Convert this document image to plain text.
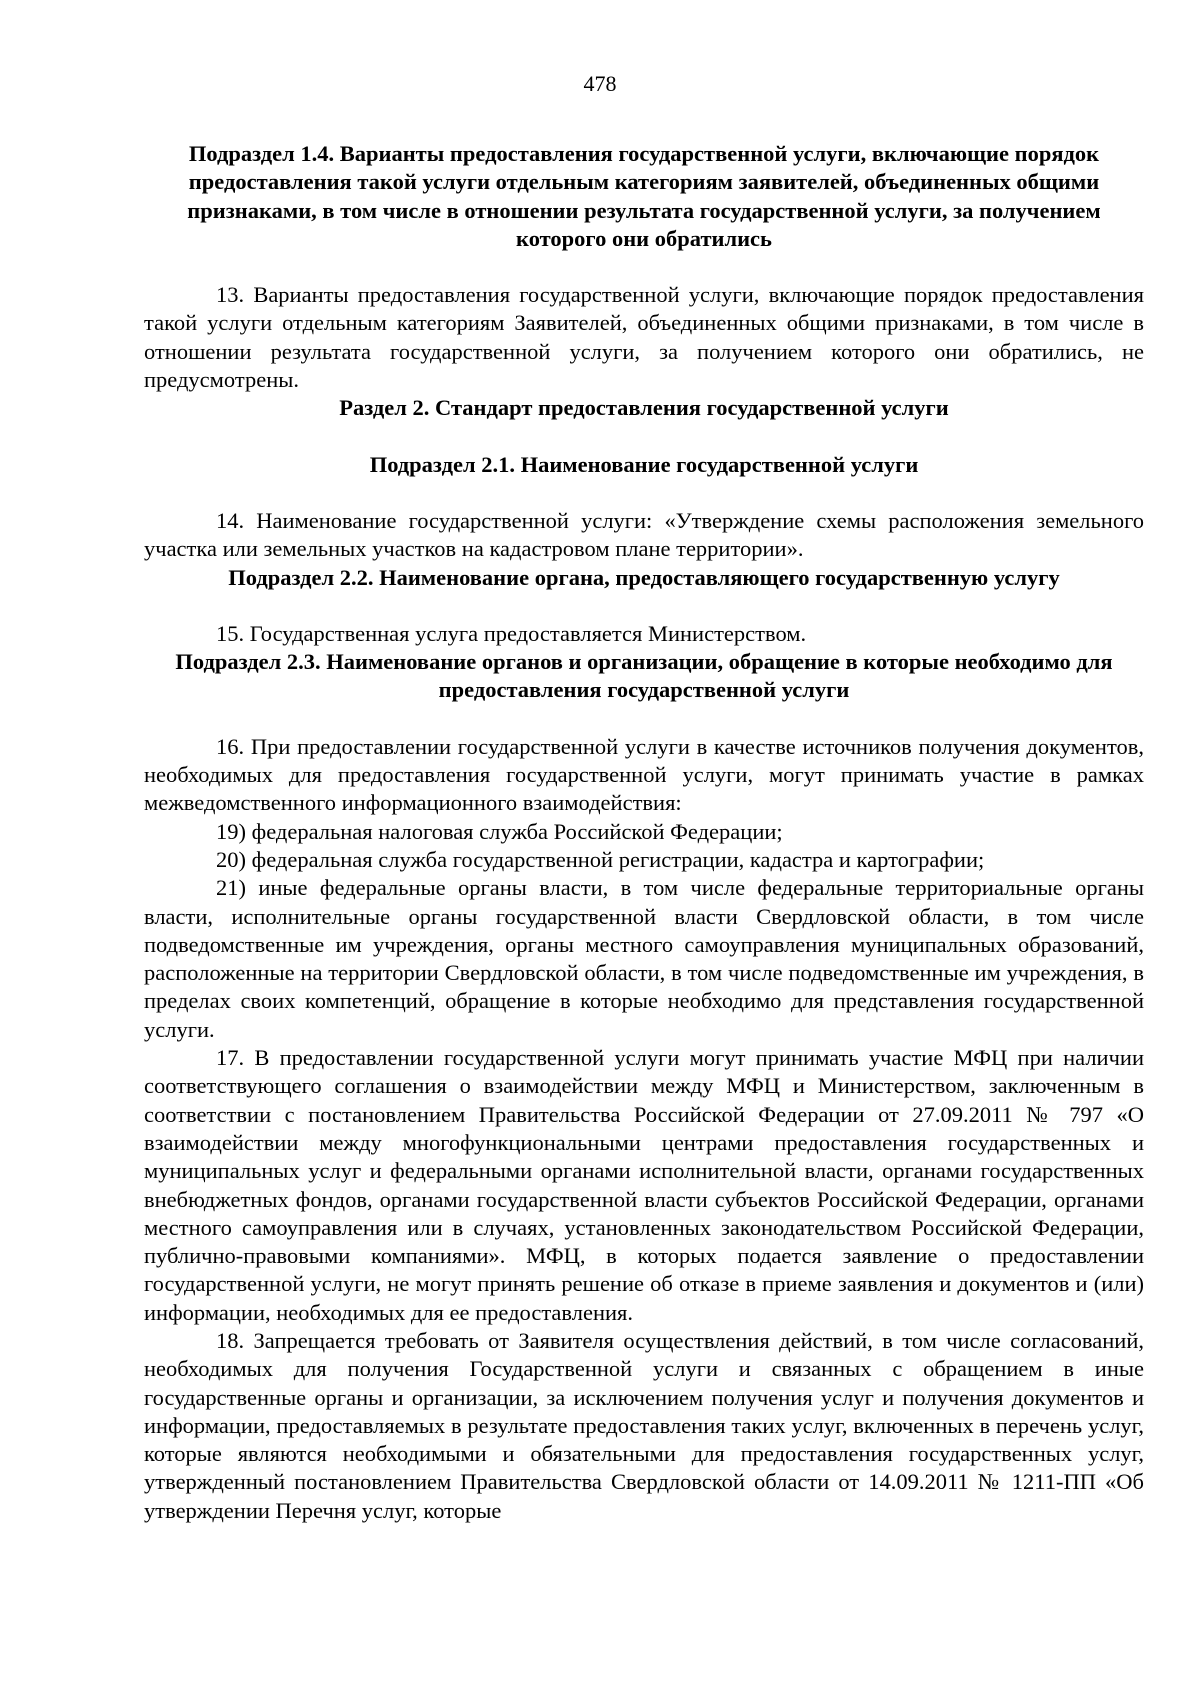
478
Подраздел 1.4. Варианты предоставления государственной услуги, включающие порядок предоставления такой услуги отдельным категориям заявителей, объединенных общими признаками, в том числе в отношении результата государственной услуги, за получением которого они обратились

13. Варианты предоставления государственной услуги, включающие порядок предоставления такой услуги отдельным категориям Заявителей, объединенных общими признаками, в том числе в отношении результата государственной услуги, за получением которого они обратились, не предусмотрены.

Раздел 2. Стандарт предоставления государственной услуги
Подраздел 2.1. Наименование государственной услуги

14. Наименование государственной услуги: «Утверждение схемы расположения земельного участка или земельных участков на кадастровом плане территории».

Подраздел 2.2. Наименование органа, предоставляющего государственную услугу

15. Государственная услуга предоставляется Министерством.

Подраздел 2.3. Наименование органов и организации, обращение в которые необходимо для предоставления государственной услуги

16. При предоставлении государственной услуги в качестве источников получения документов, необходимых для предоставления государственной услуги, могут принимать участие в рамках межведомственного информационного взаимодействия:

19) федеральная налоговая служба Российской Федерации;

20) федеральная служба государственной регистрации, кадастра и картографии;

21) иные федеральные органы власти, в том числе федеральные территориальные органы власти, исполнительные органы государственной власти Свердловской области, в том числе подведомственные им учреждения, органы местного самоуправления муниципальных образований, расположенные на территории Свердловской области, в том числе подведомственные им учреждения, в пределах своих компетенций, обращение в которые необходимо для представления государственной услуги.

17. В предоставлении государственной услуги могут принимать участие МФЦ при наличии соответствующего соглашения о взаимодействии между МФЦ и Министерством, заключенным в соответствии с постановлением Правительства Российской Федерации от 27.09.2011 № 797 «О взаимодействии между многофункциональными центрами предоставления государственных и муниципальных услуг и федеральными органами исполнительной власти, органами государственных внебюджетных фондов, органами государственной власти субъектов Российской Федерации, органами местного самоуправления или в случаях, установленных законодательством Российской Федерации, публично-правовыми компаниями». МФЦ, в которых подается заявление о предоставлении государственной услуги, не могут принять решение об отказе в приеме заявления и документов и (или) информации, необходимых для ее предоставления.

18. Запрещается требовать от Заявителя осуществления действий, в том числе согласований, необходимых для получения Государственной услуги и связанных с обращением в иные государственные органы и организации, за исключением получения услуг и получения документов и информации, предоставляемых в результате предоставления таких услуг, включенных в перечень услуг, которые являются необходимыми и обязательными для предоставления государственных услуг, утвержденный постановлением Правительства Свердловской области от 14.09.2011 № 1211-ПП «Об утверждении Перечня услуг, которые
